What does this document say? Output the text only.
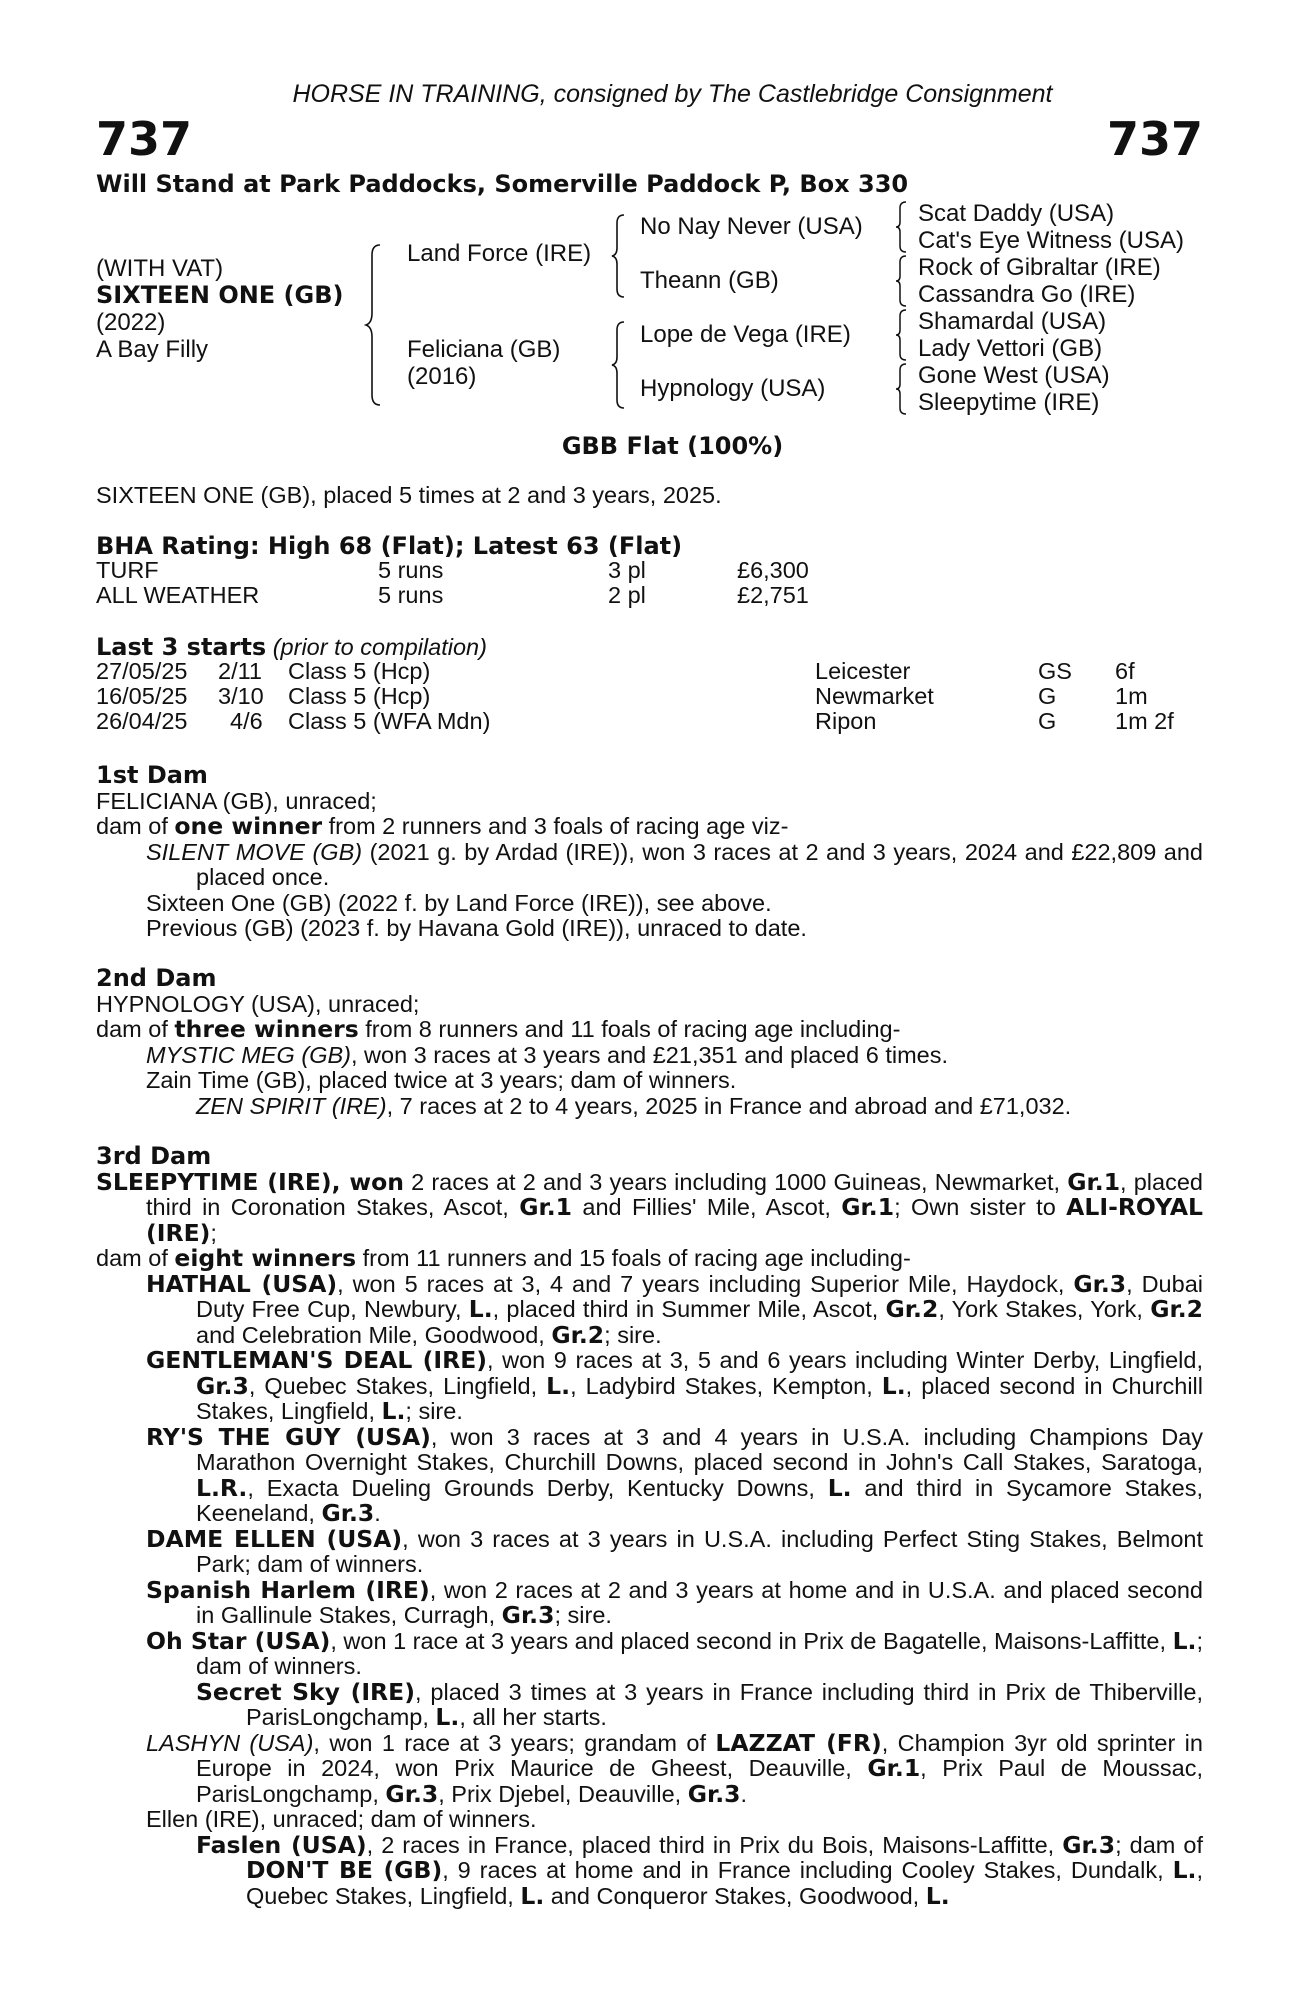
HORSE IN TRAINING, consigned by The Castlebridge Consignment
737	737
Will Stand at Park Paddocks, Somerville Paddock P, Box 330
(WITH VAT)
SIXTEEN ONE (GB)
(2022)
A Bay Filly
Land Force (IRE)
Feliciana (GB)
(2016)
No Nay Never (USA)
Theann (GB)
Lope de Vega (IRE)
Hypnology (USA)
Scat Daddy (USA)
Cat's Eye Witness (USA)
Rock of Gibraltar (IRE)
Cassandra Go (IRE)
Shamardal (USA)
Lady Vettori (GB)
Gone West (USA)
Sleepytime (IRE)
GBB Flat (100%)
SIXTEEN ONE (GB), placed 5 times at 2 and 3 years, 2025.
BHA Rating: High 68 (Flat); Latest 63 (Flat)
TURF	5 runs	3 pl	£6,300
ALL WEATHER	5 runs	2 pl	£2,751
Last 3 starts (prior to compilation)
27/05/25 2/11 Class 5 (Hcp)	Leicester	GS 6f
16/05/25 3/10 Class 5 (Hcp)	Newmarket	G 1m
26/04/25 4/6 Class 5 (WFA Mdn)	Ripon	G 1m 2f

1st Dam

FELICIANA (GB), unraced;

dam of one winner from 2 runners and 3 foals of racing age viz-

SILENT MOVE (GB) (2021 g. by Ardad (IRE)), won 3 races at 2 and 3 years, 2024 and £22,809 and placed once.

Sixteen One (GB) (2022 f. by Land Force (IRE)), see above.

Previous (GB) (2023 f. by Havana Gold (IRE)), unraced to date.

2nd Dam

HYPNOLOGY (USA), unraced;

dam of three winners from 8 runners and 11 foals of racing age including-

MYSTIC MEG (GB), won 3 races at 3 years and £21,351 and placed 6 times.

Zain Time (GB), placed twice at 3 years; dam of winners.

ZEN SPIRIT (IRE), 7 races at 2 to 4 years, 2025 in France and abroad and £71,032.

3rd Dam

SLEEPYTIME (IRE), won 2 races at 2 and 3 years including 1000 Guineas, Newmarket, Gr.1, placed third in Coronation Stakes, Ascot, Gr.1 and Fillies' Mile, Ascot, Gr.1; Own sister to ALI-ROYAL (IRE);

dam of eight winners from 11 runners and 15 foals of racing age including-

HATHAL (USA), won 5 races at 3, 4 and 7 years including Superior Mile, Haydock, Gr.3, Dubai Duty Free Cup, Newbury, L., placed third in Summer Mile, Ascot, Gr.2, York Stakes, York, Gr.2 and Celebration Mile, Goodwood, Gr.2; sire.

GENTLEMAN'S DEAL (IRE), won 9 races at 3, 5 and 6 years including Winter Derby, Lingfield, Gr.3, Quebec Stakes, Lingfield, L., Ladybird Stakes, Kempton, L., placed second in Churchill Stakes, Lingfield, L.; sire.

RY'S THE GUY (USA), won 3 races at 3 and 4 years in U.S.A. including Champions Day Marathon Overnight Stakes, Churchill Downs, placed second in John's Call Stakes, Saratoga, L.R., Exacta Dueling Grounds Derby, Kentucky Downs, L. and third in Sycamore Stakes, Keeneland, Gr.3.

DAME ELLEN (USA), won 3 races at 3 years in U.S.A. including Perfect Sting Stakes, Belmont Park; dam of winners.

Spanish Harlem (IRE), won 2 races at 2 and 3 years at home and in U.S.A. and placed second in Gallinule Stakes, Curragh, Gr.3; sire.

Oh Star (USA), won 1 race at 3 years and placed second in Prix de Bagatelle, Maisons-Laffitte, L.; dam of winners.

Secret Sky (IRE), placed 3 times at 3 years in France including third in Prix de Thiberville, ParisLongchamp, L., all her starts.

LASHYN (USA), won 1 race at 3 years; grandam of LAZZAT (FR), Champion 3yr old sprinter in Europe in 2024, won Prix Maurice de Gheest, Deauville, Gr.1, Prix Paul de Moussac, ParisLongchamp, Gr.3, Prix Djebel, Deauville, Gr.3.

Ellen (IRE), unraced; dam of winners.

Faslen (USA), 2 races in France, placed third in Prix du Bois, Maisons-Laffitte, Gr.3; dam of DON'T BE (GB), 9 races at home and in France including Cooley Stakes, Dundalk, L., Quebec Stakes, Lingfield, L. and Conqueror Stakes, Goodwood, L.
